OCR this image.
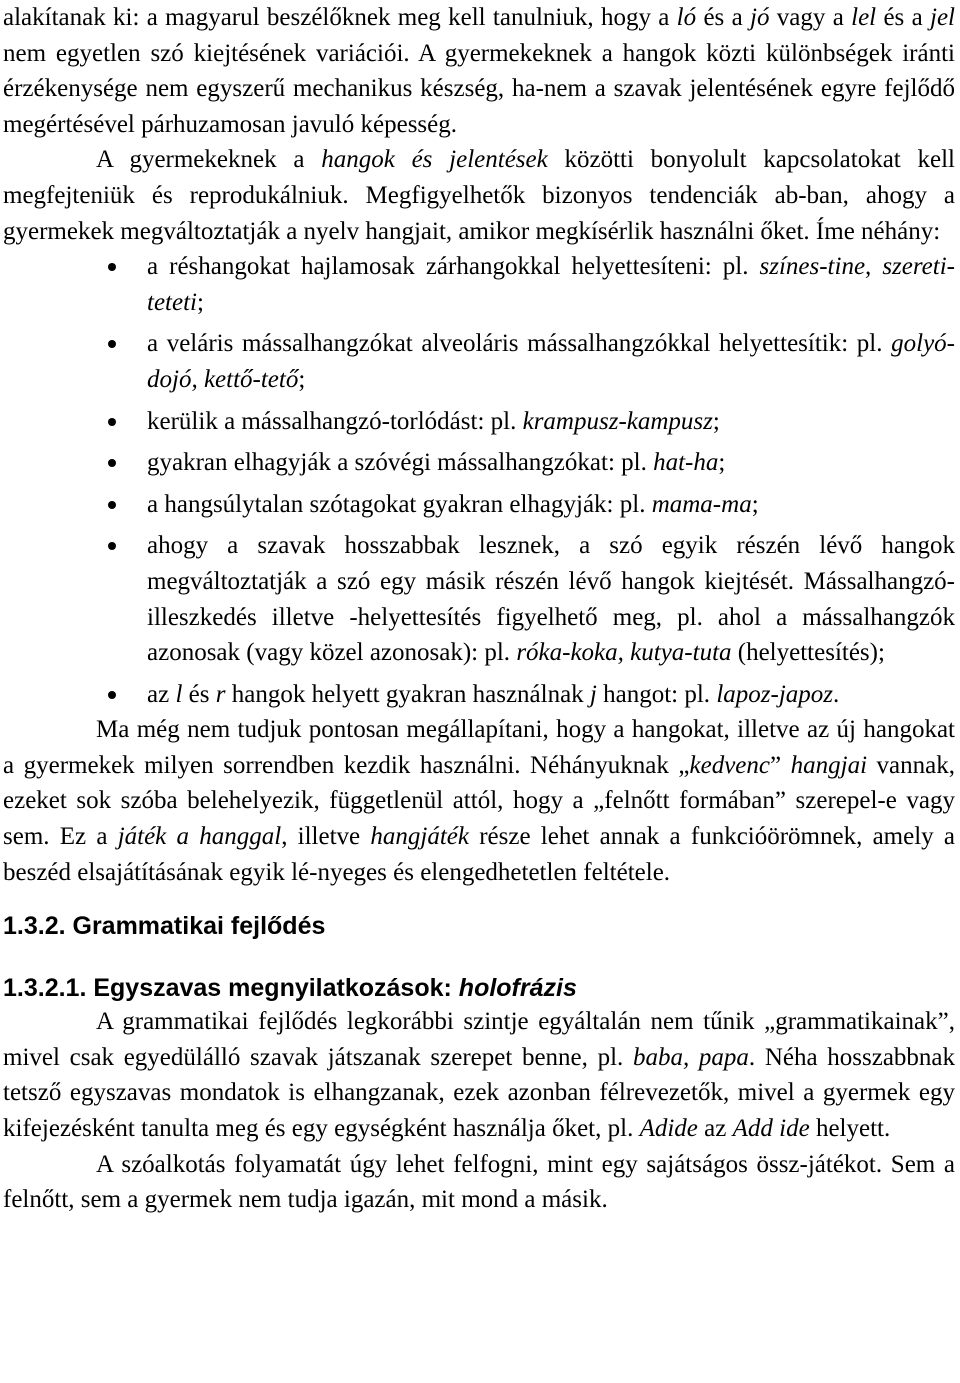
alakítanak ki: a magyarul beszélőknek meg kell tanulniuk, hogy a ló és a jó vagy a lel és a jel nem egyetlen szó kiejtésének variációi. A gyermekeknek a hangok közti különbségek iránti érzékenysége nem egyszerű mechanikus készség, ha-nem a szavak jelentésének egyre fejlődő megértésével párhuzamosan javuló képesség.

A gyermekeknek a hangok és jelentések közötti bonyolult kapcsolatokat kell megfejteniük és reprodukálniuk. Megfigyelhetők bizonyos tendenciák ab-ban, ahogy a gyermekek megváltoztatják a nyelv hangjait, amikor megkísérlik használni őket. Íme néhány:

a réshangokat hajlamosak zárhangokkal helyettesíteni: pl. színes-tine, szereti-teteti;
a veláris mássalhangzókat alveoláris mássalhangzókkal helyettesítik: pl. golyó-dojó, kettő-tető;
kerülik a mássalhangzó-torlódást: pl. krampusz-kampusz;
gyakran elhagyják a szóvégi mássalhangzókat: pl. hat-ha;
a hangsúlytalan szótagokat gyakran elhagyják: pl. mama-ma;
ahogy a szavak hosszabbak lesznek, a szó egyik részén lévő hangok megváltoztatják a szó egy másik részén lévő hangok kiejtését. Mássalhangzó-illeszkedés illetve -helyettesítés figyelhető meg, pl. ahol a mássalhangzók azonosak (vagy közel azonosak): pl. róka-koka, kutya-tuta (helyettesítés);
az l és r hangok helyett gyakran használnak j hangot: pl. lapoz-japoz.

Ma még nem tudjuk pontosan megállapítani, hogy a hangokat, illetve az új hangokat a gyermekek milyen sorrendben kezdik használni. Néhányuknak „kedvenc” hangjai vannak, ezeket sok szóba belehelyezik, függetlenül attól, hogy a „felnőtt formában” szerepel-e vagy sem. Ez a játék a hanggal, illetve hangjáték része lehet annak a funkcióörömnek, amely a beszéd elsajátításának egyik lé-nyeges és elengedhetetlen feltétele.

1.3.2. Grammatikai fejlődés
1.3.2.1. Egyszavas megnyilatkozások: holofrázis

A grammatikai fejlődés legkorábbi szintje egyáltalán nem tűnik „grammatikainak”, mivel csak egyedülálló szavak játszanak szerepet benne, pl. baba, papa. Néha hosszabbnak tetsző egyszavas mondatok is elhangzanak, ezek azonban félrevezetők, mivel a gyermek egy kifejezésként tanulta meg és egy egységként használja őket, pl. Adide az Add ide helyett.

A szóalkotás folyamatát úgy lehet felfogni, mint egy sajátságos össz-játékot. Sem a felnőtt, sem a gyermek nem tudja igazán, mit mond a másik.
